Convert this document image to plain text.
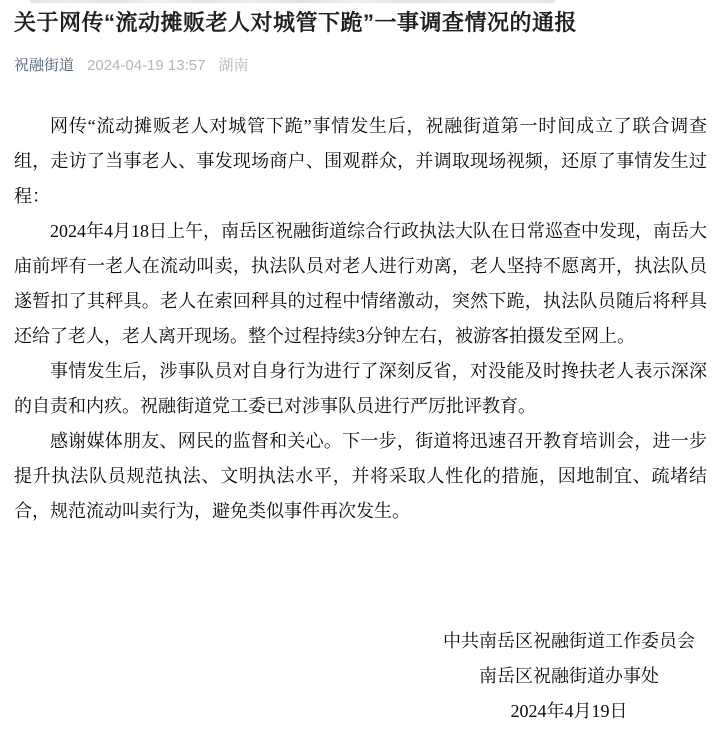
关于网传“流动摊贩老人对城管下跪”一事调查情况的通报
祝融街道 2024-04-19 13:57 湖南

网传“流动摊贩老人对城管下跪”事情发生后，祝融街道第一时间成立了联合调查组，走访了当事老人、事发现场商户、围观群众，并调取现场视频，还原了事情发生过程：

2024年4月18日上午，南岳区祝融街道综合行政执法大队在日常巡查中发现，南岳大庙前坪有一老人在流动叫卖，执法队员对老人进行劝离，老人坚持不愿离开，执法队员遂暂扣了其秤具。老人在索回秤具的过程中情绪激动，突然下跪，执法队员随后将秤具还给了老人，老人离开现场。整个过程持续3分钟左右，被游客拍摄发至网上。

事情发生后，涉事队员对自身行为进行了深刻反省，对没能及时搀扶老人表示深深的自责和内疚。祝融街道党工委已对涉事队员进行严厉批评教育。

感谢媒体朋友、网民的监督和关心。下一步，街道将迅速召开教育培训会，进一步提升执法队员规范执法、文明执法水平，并将采取人性化的措施，因地制宜、疏堵结合，规范流动叫卖行为，避免类似事件再次发生。

中共南岳区祝融街道工作委员会
南岳区祝融街道办事处
2024年4月19日
